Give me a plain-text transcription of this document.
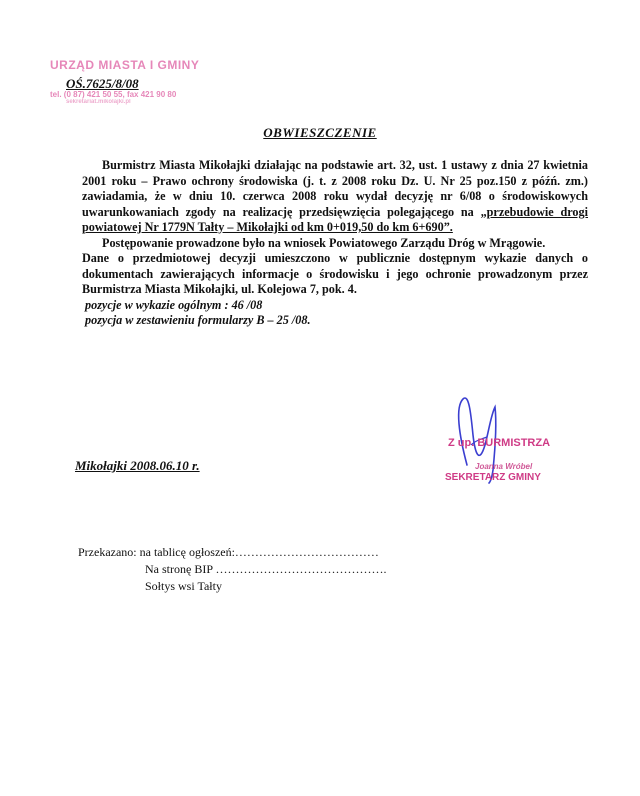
URZĄD MIASTA I GMINY
tel. (0 87) 421 50 55, fax 421 90 80
sekretariat.mikolajki.pl
OŚ.7625/8/08
OBWIESZCZENIE

Burmistrz Miasta Mikołajki działając na podstawie art. 32, ust. 1 ustawy z dnia 27 kwietnia 2001 roku – Prawo ochrony środowiska (j. t. z 2008 roku Dz. U. Nr 25 poz.150 z późń. zm.) zawiadamia, że w dniu 10. czerwca 2008 roku wydał decyzję nr 6/08 o środowiskowych uwarunkowaniach zgody na realizację przedsięwzięcia polegającego na „przebudowie drogi powiatowej Nr 1779N Tałty – Mikołajki od km 0+019,50 do km 6+690”.

Postępowanie prowadzone było na wniosek Powiatowego Zarządu Dróg w Mrągowie.

Dane o przedmiotowej decyzji umieszczono w publicznie dostępnym wykazie danych o dokumentach zawierających informacje o środowisku i jego ochronie prowadzonym przez Burmistrza Miasta Mikołajki, ul. Kolejowa 7, pok. 4.

pozycje w wykazie ogólnym : 46 /08

pozycja w zestawieniu formularzy B – 25 /08.

Mikołajki 2008.06.10 r.
Z up. BURMISTRZA
Joanna Wróbel
SEKRETARZ GMINY
Przekazano: na tablicę ogłoszeń:………………………………
Na stronę BIP …………………………………….
Sołtys wsi Tałty
